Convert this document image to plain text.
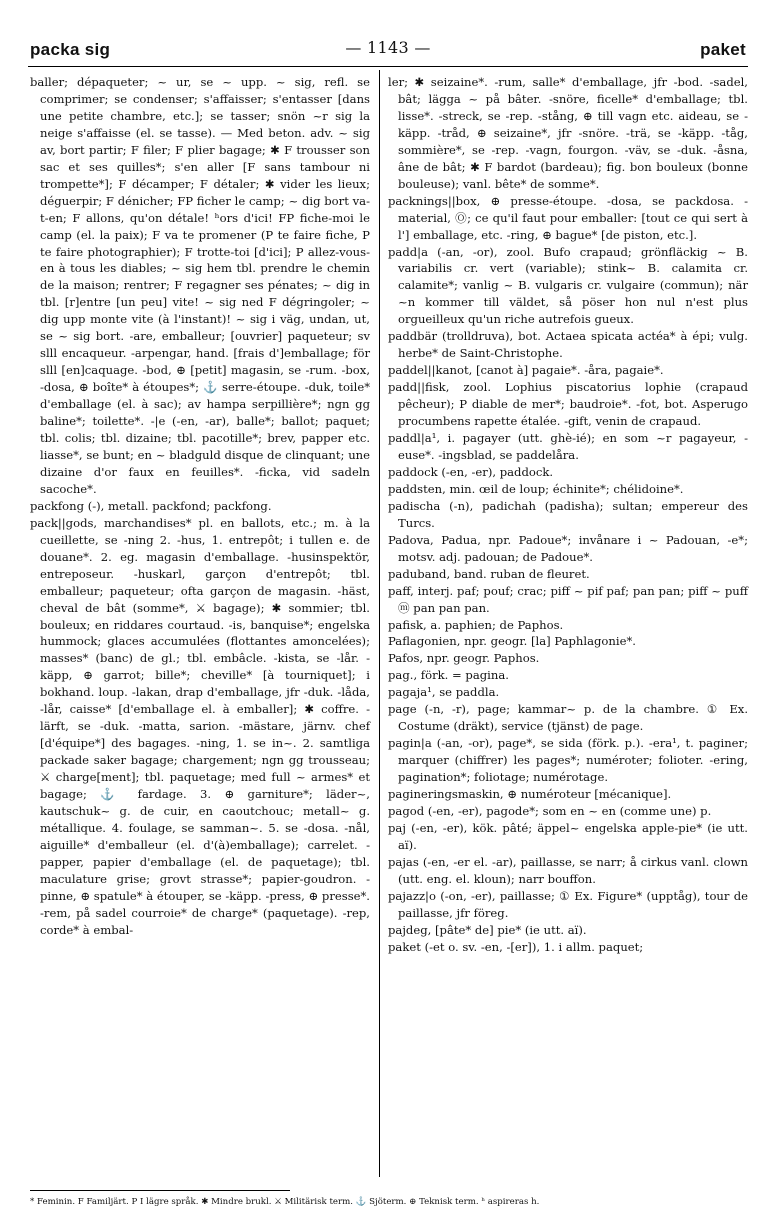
packa sig	— 1143 —	paket

baller; dépaqueter; ~ ur, se ~ upp. ~ sig, refl. se comprimer; se condenser; s'affaisser; s'entasser [dans une petite chambre, etc.]; se tasser; snön ~r sig la neige s'affaisse (el. se tasse). — Med beton. adv. ~ sig av, bort partir; F filer; F plier bagage; ✱ F trousser son sac et ses quilles*; s'en aller [F sans tambour ni trompette*]; F décamper; F détaler; ✱ vider les lieux; déguerpir; F dénicher; FP ficher le camp; ~ dig bort va-t-en; F allons, qu'on détale! ʰors d'ici! FP fiche-moi le camp (el. la paix); F va te promener (P te faire fiche, P te faire photographier); F trotte-toi [d'ici]; P allez-vous-en à tous les diables; ~ sig hem tbl. prendre le chemin de la maison; rentrer; F regagner ses pénates; ~ dig in tbl. [r]entre [un peu] vite! ~ sig ned F dégringoler; ~ dig upp monte vite (à l'instant)! ~ sig i väg, undan, ut, se ~ sig bort. -are, emballeur; [ouvrier] paqueteur; sv slll encaqueur. -arpengar, hand. [frais d']emballage; för slll [en]caquage. -bod, ⊕ [petit] magasin, se -rum. -box, -dosa, ⊕ boîte* à étoupes*; ⚓ serre-étoupe. -duk, toile* d'emballage (el. à sac); av hampa serpillière*; ngn gg baline*; toilette*. -|e (-en, -ar), balle*; ballot; paquet; tbl. colis; tbl. dizaine; tbl. pacotille*; brev, papper etc. liasse*, se bunt; en ~ bladguld disque de clinquant; une dizaine d'or faux en feuilles*. -ficka, vid sadeln sacoche*.

packfong (-), metall. packfond; packfong.

pack||gods, marchandises* pl. en ballots, etc.; m. à la cueillette, se -ning 2. -hus, 1. entrepôt; i tullen e. de douane*. 2. eg. magasin d'emballage. -husinspektör, entreposeur. -huskarl, garçon d'entrepôt; tbl. emballeur; paqueteur; ofta garçon de magasin. -häst, cheval de bât (somme*, ⚔ bagage); ✱ sommier; tbl. bouleux; en riddares courtaud. -is, banquise*; engelska hummock; glaces accumulées (flottantes amoncelées); masses* (banc) de gl.; tbl. embâcle. -kista, se -lår. -käpp, ⊕ garrot; bille*; cheville* [à tourniquet]; i bokhand. loup. -lakan, drap d'emballage, jfr -duk. -låda, -lår, caisse* [d'emballage el. à emballer]; ✱ coffre. -lärft, se -duk. -matta, sarion. -mästare, järnv. chef [d'équipe*] des bagages. -ning, 1. se in~. 2. samtliga packade saker bagage; chargement; ngn gg trousseau; ⚔ charge[ment]; tbl. paquetage; med full ~ armes* et bagage; ⚓ fardage. 3. ⊕ garniture*; läder~, kautschuk~ g. de cuir, en caoutchouc; metall~ g. métallique. 4. foulage, se samman~. 5. se -dosa. -nål, aiguille* d'emballeur (el. d'(à)emballage); carrelet. -papper, papier d'emballage (el. de paquetage); tbl. maculature grise; grovt strasse*; papier-goudron. -pinne, ⊕ spatule* à étouper, se -käpp. -press, ⊕ presse*. -rem, på sadel courroie* de charge* (paquetage). -rep, corde* à embal-

ler; ✱ seizaine*. -rum, salle* d'emballage, jfr -bod. -sadel, bât; lägga ~ på bâter. -snöre, ficelle* d'emballage; tbl. lisse*. -streck, se -rep. -stång, ⊕ till vagn etc. aideau, se -käpp. -tråd, ⊕ seizaine*, jfr -snöre. -trä, se -käpp. -tåg, sommière*, se -rep. -vagn, fourgon. -väv, se -duk. -åsna, âne de bât; ✱ F bardot (bardeau); fig. bon bouleux (bonne bouleuse); vanl. bête* de somme*.

packnings||box, ⊕ presse-étoupe. -dosa, se packdosa. -material, Ⓞ; ce qu'il faut pour emballer: [tout ce qui sert à l'] emballage, etc. -ring, ⊕ bague* [de piston, etc.].

padd|a (-an, -or), zool. Bufo crapaud; grönfläckig ~ B. variabilis cr. vert (variable); stink~ B. calamita cr. calamite*; vanlig ~ B. vulgaris cr. vulgaire (commun); när ~n kommer till väldet, så pöser hon nul n'est plus orgueilleux qu'un riche autrefois gueux.

paddbär (trolldruva), bot. Actaea spicata actéa* à épi; vulg. herbe* de Saint-Christophe.

paddel||kanot, [canot à] pagaie*. -åra, pagaie*.

padd||fisk, zool. Lophius piscatorius lophie (crapaud pêcheur); P diable de mer*; baudroie*. -fot, bot. Asperugo procumbens rapette étalée. -gift, venin de crapaud.

paddl|a¹, i. pagayer (utt. ghè-ié); en som ~r pagayeur, -euse*. -ingsblad, se paddelåra.

paddock (-en, -er), paddock.

paddsten, min. œil de loup; échinite*; chélidoine*.

padischa (-n), padichah (padisha); sultan; empereur des Turcs.

Padova, Padua, npr. Padoue*; invånare i ~ Padouan, -e*; motsv. adj. padouan; de Padoue*.

paduband, band. ruban de fleuret.

paff, interj. paf; pouf; crac; piff ~ pif paf; pan pan; piff ~ puff ⓜ pan pan pan.

pafisk, a. paphien; de Paphos.

Paflagonien, npr. geogr. [la] Paphlagonie*.

Pafos, npr. geogr. Paphos.

pag., förk. = pagina.

pagaja¹, se paddla.

page (-n, -r), page; kammar~ p. de la chambre. ① Ex. Costume (dräkt), service (tjänst) de page.

pagin|a (-an, -or), page*, se sida (förk. p.). -era¹, t. paginer; marquer (chiffrer) les pages*; numéroter; folioter. -ering, pagination*; foliotage; numérotage.

pagineringsmaskin, ⊕ numéroteur [mécanique].

pagod (-en, -er), pagode*; som en ~ en (comme une) p.

paj (-en, -er), kök. pâté; äppel~ engelska apple-pie* (ie utt. aï).

pajas (-en, -er el. -ar), paillasse, se narr; å cirkus vanl. clown (utt. eng. el. kloun); narr bouffon.

pajazz|o (-on, -er), paillasse; ① Ex. Figure* (upptåg), tour de paillasse, jfr föreg.

pajdeg, [pâte* de] pie* (ie utt. aï).

paket (-et o. sv. -en, -[er]), 1. i allm. paquet;

* Feminin. F Familjärt. P I lägre språk. ✱ Mindre brukl. ⚔ Militärisk term. ⚓ Sjöterm. ⊕ Teknisk term. ʰ aspireras h.
